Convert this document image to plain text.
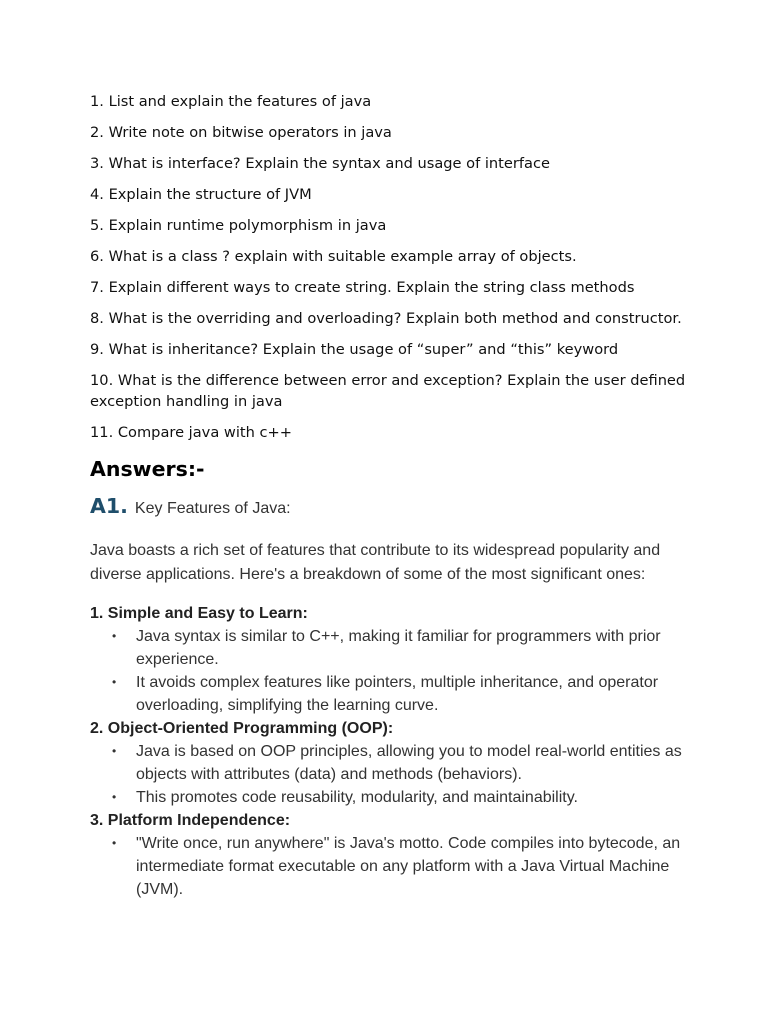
1. List and explain the features of java

2. Write note on bitwise operators in java

3. What is interface? Explain the syntax and usage of interface

4. Explain the structure of JVM

5. Explain runtime polymorphism in java

6. What is a class ? explain with suitable example array of objects.

7. Explain different ways to create string. Explain the string class methods

8. What is the overriding and overloading? Explain both method and constructor.

9. What is inheritance? Explain the usage of “super” and “this” keyword

10. What is the difference between error and exception? Explain the user defined exception handling in java

11. Compare java with c++

Answers:-
A1. Key Features of Java:

Java boasts a rich set of features that contribute to its widespread popularity and diverse applications. Here's a breakdown of some of the most significant ones:

1. Simple and Easy to Learn:

• Java syntax is similar to C++, making it familiar for programmers with prior experience.
• It avoids complex features like pointers, multiple inheritance, and operator overloading, simplifying the learning curve.

2. Object-Oriented Programming (OOP):

• Java is based on OOP principles, allowing you to model real-world entities as objects with attributes (data) and methods (behaviors).
• This promotes code reusability, modularity, and maintainability.

3. Platform Independence:

• "Write once, run anywhere" is Java's motto. Code compiles into bytecode, an intermediate format executable on any platform with a Java Virtual Machine (JVM).
